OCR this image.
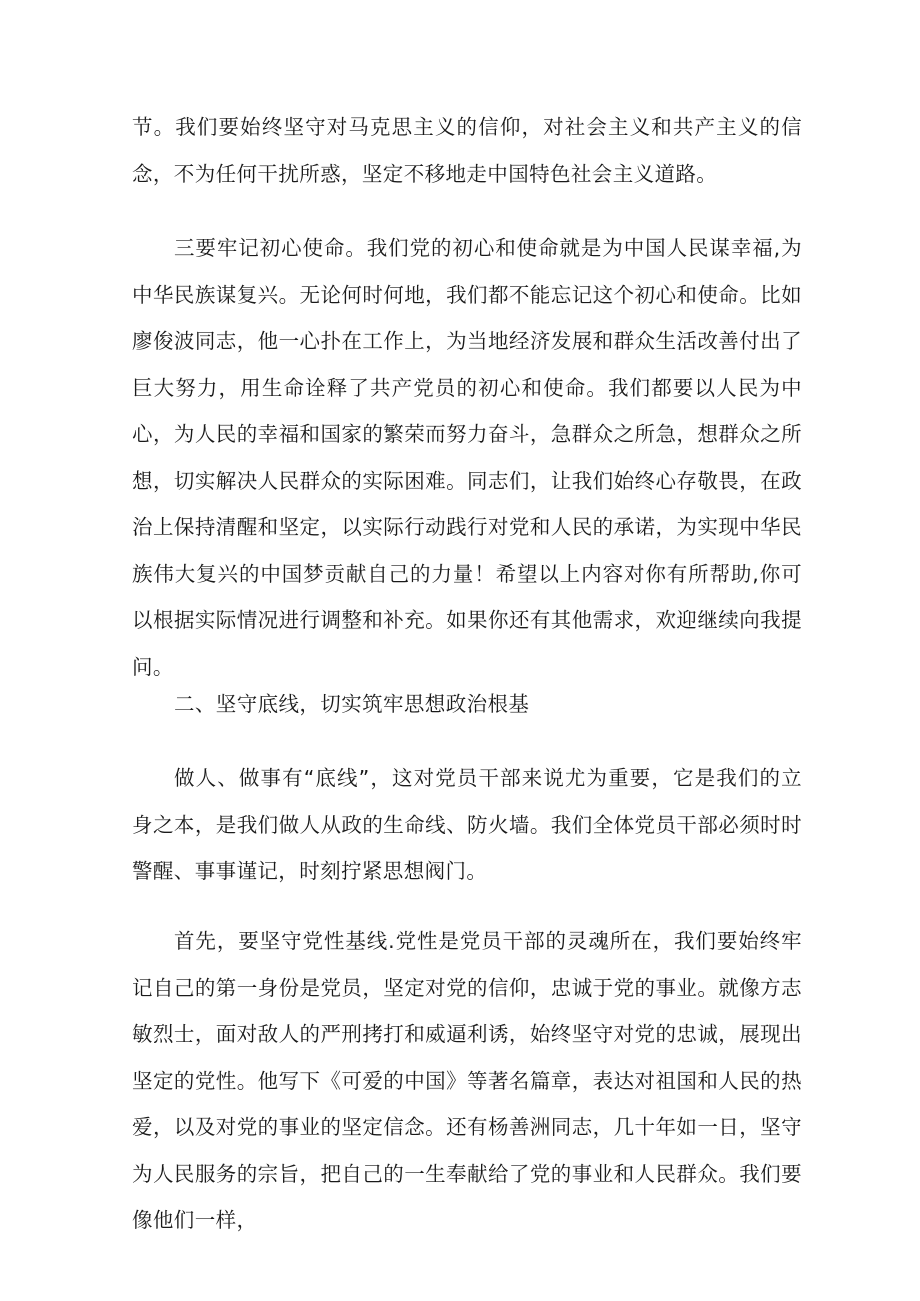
节。我们要始终坚守对马克思主义的信仰，对社会主义和共产主义的信念，不为任何干扰所惑，坚定不移地走中国特色社会主义道路。

三要牢记初心使命。我们党的初心和使命就是为中国人民谋幸福,为中华民族谋复兴。无论何时何地，我们都不能忘记这个初心和使命。比如廖俊波同志，他一心扑在工作上，为当地经济发展和群众生活改善付出了巨大努力，用生命诠释了共产党员的初心和使命。我们都要以人民为中心，为人民的幸福和国家的繁荣而努力奋斗，急群众之所急，想群众之所想，切实解决人民群众的实际困难。同志们，让我们始终心存敬畏，在政治上保持清醒和坚定，以实际行动践行对党和人民的承诺，为实现中华民族伟大复兴的中国梦贡献自己的力量！希望以上内容对你有所帮助,你可以根据实际情况进行调整和补充。如果你还有其他需求，欢迎继续向我提问。

二、坚守底线，切实筑牢思想政治根基

做人、做事有“底线”，这对党员干部来说尤为重要，它是我们的立身之本，是我们做人从政的生命线、防火墙。我们全体党员干部必须时时警醒、事事谨记，时刻拧紧思想阀门。

首先，要坚守党性基线.党性是党员干部的灵魂所在，我们要始终牢记自己的第一身份是党员，坚定对党的信仰，忠诚于党的事业。就像方志敏烈士，面对敌人的严刑拷打和威逼利诱，始终坚守对党的忠诚，展现出坚定的党性。他写下《可爱的中国》等著名篇章，表达对祖国和人民的热爱，以及对党的事业的坚定信念。还有杨善洲同志，几十年如一日，坚守为人民服务的宗旨，把自己的一生奉献给了党的事业和人民群众。我们要像他们一样，
